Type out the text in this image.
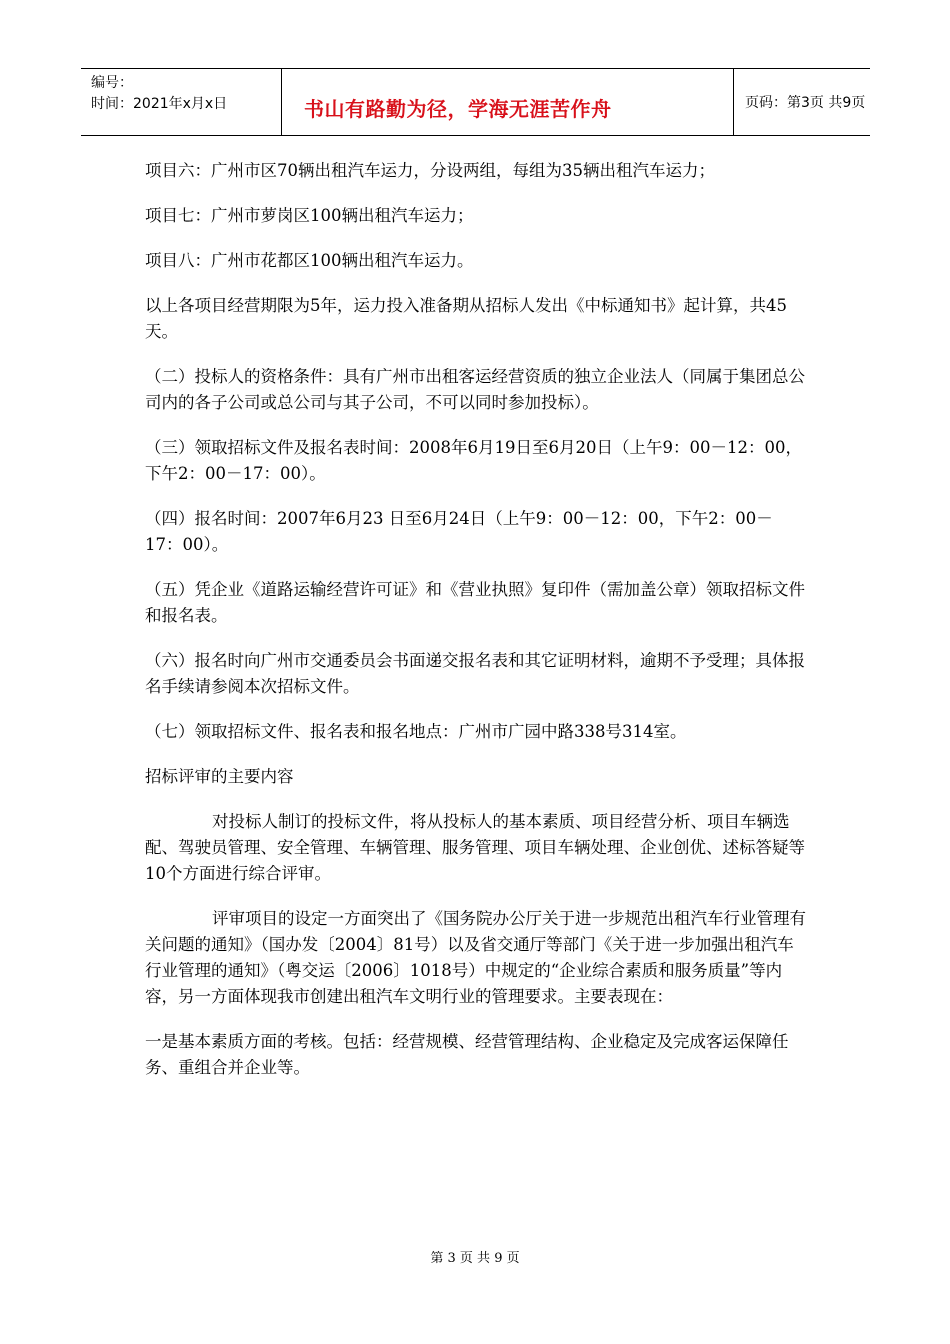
编号：
时间：2021年x月x日	书山有路勤为径，学海无涯苦作舟	页码：第3页 共9页

项目六：广州市区70辆出租汽车运力，分设两组，每组为35辆出租汽车运力；

项目七：广州市萝岗区100辆出租汽车运力；

项目八：广州市花都区100辆出租汽车运力。

以上各项目经营期限为5年，运力投入准备期从招标人发出《中标通知书》起计算，共45天。

（二）投标人的资格条件：具有广州市出租客运经营资质的独立企业法人（同属于集团总公司内的各子公司或总公司与其子公司，不可以同时参加投标）。

（三）领取招标文件及报名表时间：2008年6月19日至6月20日（上午9：00－12：00，下午2：00－17：00）。

（四）报名时间：2007年6月23 日至6月24日（上午9：00－12：00，下午2：00－17：00）。

（五）凭企业《道路运输经营许可证》和《营业执照》复印件（需加盖公章）领取招标文件和报名表。

（六）报名时向广州市交通委员会书面递交报名表和其它证明材料，逾期不予受理；具体报名手续请参阅本次招标文件。

（七）领取招标文件、报名表和报名地点：广州市广园中路338号314室。

招标评审的主要内容

对投标人制订的投标文件，将从投标人的基本素质、项目经营分析、项目车辆选配、驾驶员管理、安全管理、车辆管理、服务管理、项目车辆处理、企业创优、述标答疑等10个方面进行综合评审。

评审项目的设定一方面突出了《国务院办公厅关于进一步规范出租汽车行业管理有关问题的通知》（国办发〔2004〕81号）以及省交通厅等部门《关于进一步加强出租汽车行业管理的通知》（粤交运〔2006〕1018号）中规定的“企业综合素质和服务质量”等内容，另一方面体现我市创建出租汽车文明行业的管理要求。主要表现在：

一是基本素质方面的考核。包括：经营规模、经营管理结构、企业稳定及完成客运保障任务、重组合并企业等。

第 3 页 共 9 页
